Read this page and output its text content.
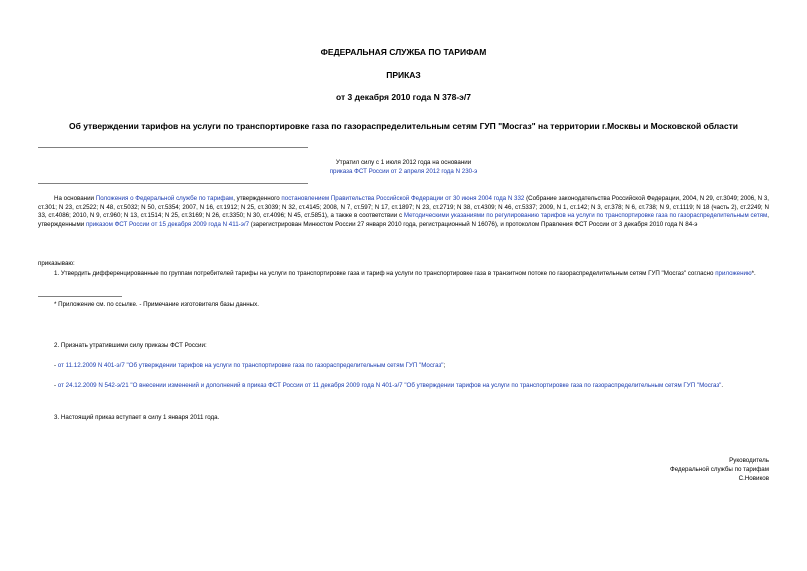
ФЕДЕРАЛЬНАЯ СЛУЖБА ПО ТАРИФАМ
ПРИКАЗ
от 3 декабря 2010 года N 378-э/7
Об утверждении тарифов на услуги по транспортировке газа по газораспределительным сетям ГУП "Мосгаз" на территории г.Москвы и Московской области
Утратил силу с 1 июля 2012 года на основании
приказа ФСТ России от 2 апреля 2012 года N 230-э
На основании Положения о Федеральной службе по тарифам, утвержденного постановлением Правительства Российской Федерации от 30 июня 2004 года N 332 (Собрание законодательства Российской Федерации, 2004, N 29, ст.3049; 2006, N 3, ст.301; N 23, ст.2522; N 48, ст.5032; N 50, ст.5354; 2007, N 16, ст.1912; N 25, ст.3039; N 32, ст.4145; 2008, N 7, ст.597; N 17, ст.1897; N 23, ст.2719; N 38, ст.4309; N 46, ст.5337; 2009, N 1, ст.142; N 3, ст.378; N 6, ст.738; N 9, ст.1119; N 18 (часть 2), ст.2249; N 33, ст.4086; 2010, N 9, ст.960; N 13, ст.1514; N 25, ст.3169; N 26, ст.3350; N 30, ст.4096; N 45, ст.5851), а также в соответствии с Методическими указаниями по регулированию тарифов на услуги по транспортировке газа по газораспределительным сетям, утвержденными приказом ФСТ России от 15 декабря 2009 года N 411-э/7 (зарегистрирован Минюстом России 27 января 2010 года, регистрационный N 16076), и протоколом Правления ФСТ России от 3 декабря 2010 года N 84-э
приказываю:
1. Утвердить дифференцированные по группам потребителей тарифы на услуги по транспортировке газа и тариф на услуги по транспортировке газа в транзитном потоке по газораспределительным сетям ГУП "Мосгаз" согласно приложению*.
* Приложение см. по ссылке. - Примечание изготовителя базы данных.
2. Признать утратившими силу приказы ФСТ России:
- от 11.12.2009 N 401-э/7 "Об утверждении тарифов на услуги по транспортировке газа по газораспределительным сетям ГУП "Мосгаз";
- от 24.12.2009 N 542-э/21 "О внесении изменений и дополнений в приказ ФСТ России от 11 декабря 2009 года N 401-э/7 "Об утверждении тарифов на услуги по транспортировке газа по газораспределительным сетям ГУП "Мосгаз".
3. Настоящий приказ вступает в силу 1 января 2011 года.
Руководитель
Федеральной службы по тарифам
С.Новиков
